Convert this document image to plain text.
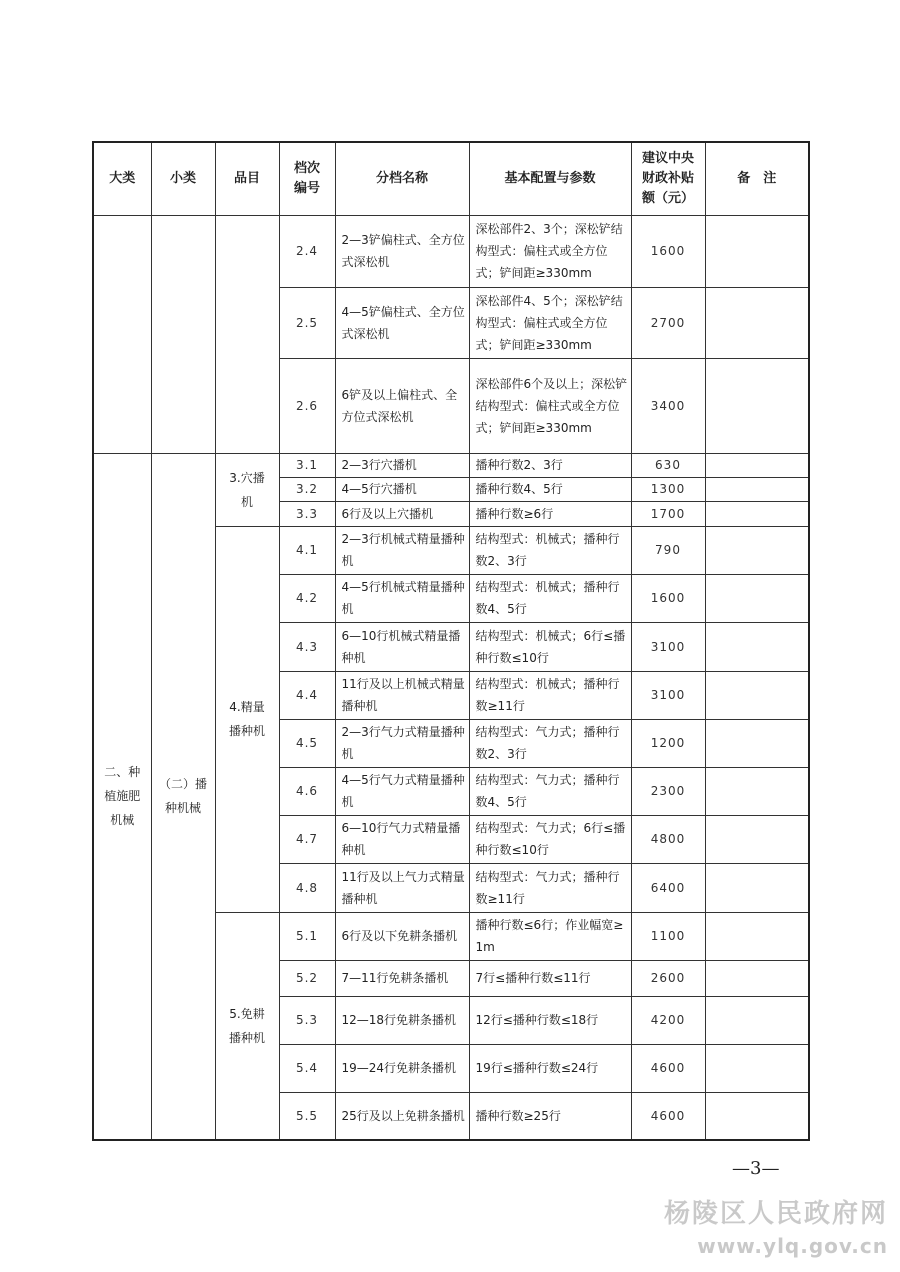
大类	小类	品目	档次编号	分档名称	基本配置与参数	建议中央财政补贴额（元）	备　注
			2.4	2—3铲偏柱式、全方位式深松机	深松部件2、3个；深松铲结构型式：偏柱式或全方位式；铲间距≥330mm	1600	
			2.5	4—5铲偏柱式、全方位式深松机	深松部件4、5个；深松铲结构型式：偏柱式或全方位式；铲间距≥330mm	2700	
			2.6	6铲及以上偏柱式、全方位式深松机	深松部件6个及以上；深松铲结构型式：偏柱式或全方位式；铲间距≥330mm	3400	
二、种植施肥机械	（二）播种机械	3.穴播机	3.1	2—3行穴播机	播种行数2、3行	630	
			3.2	4—5行穴播机	播种行数4、5行	1300	
			3.3	6行及以上穴播机	播种行数≥6行	1700	
		4.精量播种机	4.1	2—3行机械式精量播种机	结构型式：机械式；播种行数2、3行	790	
			4.2	4—5行机械式精量播种机	结构型式：机械式；播种行数4、5行	1600	
			4.3	6—10行机械式精量播种机	结构型式：机械式；6行≤播种行数≤10行	3100	
			4.4	11行及以上机械式精量播种机	结构型式：机械式；播种行数≥11行	3100	
			4.5	2—3行气力式精量播种机	结构型式：气力式；播种行数2、3行	1200	
			4.6	4—5行气力式精量播种机	结构型式：气力式；播种行数4、5行	2300	
			4.7	6—10行气力式精量播种机	结构型式：气力式；6行≤播种行数≤10行	4800	
			4.8	11行及以上气力式精量播种机	结构型式：气力式；播种行数≥11行	6400	
		5.免耕播种机	5.1	6行及以下免耕条播机	播种行数≤6行；作业幅宽≥1m	1100	
			5.2	7—11行免耕条播机	7行≤播种行数≤11行	2600	
			5.3	12—18行免耕条播机	12行≤播种行数≤18行	4200	
			5.4	19—24行免耕条播机	19行≤播种行数≤24行	4600	
			5.5	25行及以上免耕条播机	播种行数≥25行	4600	
—3—
杨陵区人民政府网
www.ylq.gov.cn
